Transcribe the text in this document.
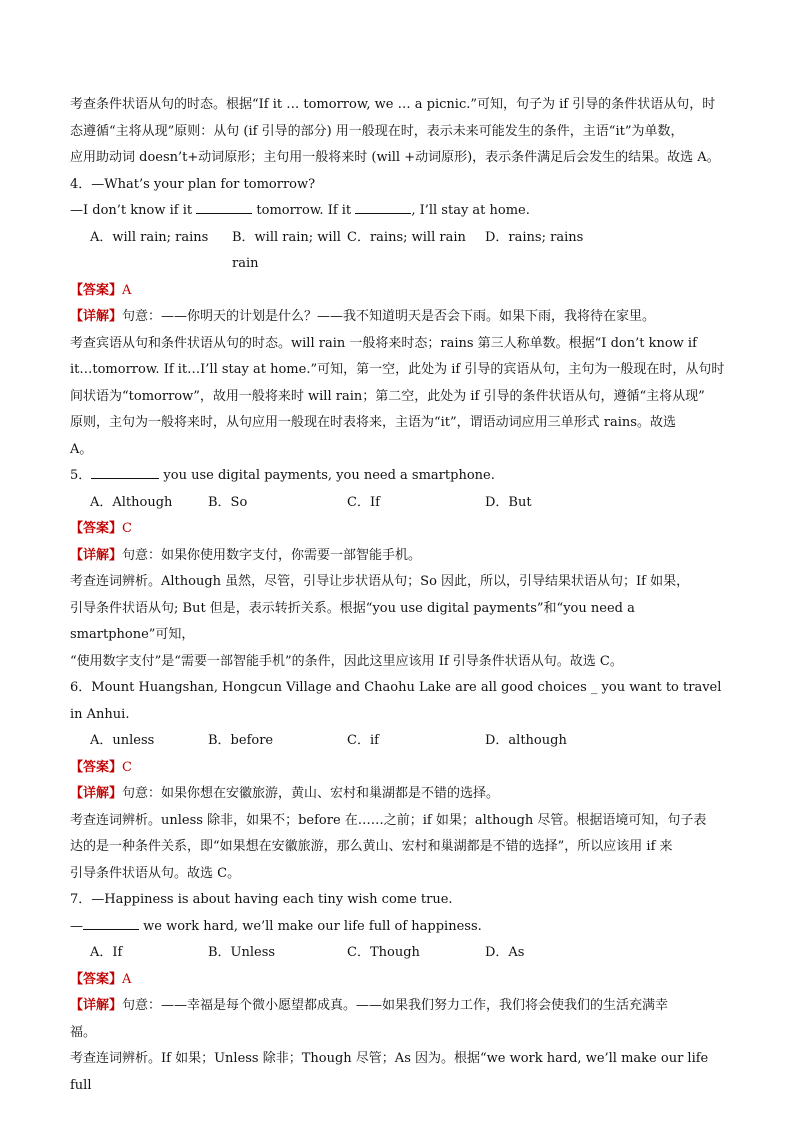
考查条件状语从句的时态。根据“If it … tomorrow, we … a picnic.”可知，句子为 if 引导的条件状语从句，时

态遵循“主将从现”原则：从句 (if 引导的部分) 用一般现在时，表示未来可能发生的条件，主语“it”为单数，

应用助动词 doesn’t+动词原形；主句用一般将来时 (will +动词原形)，表示条件满足后会发生的结果。故选 A。

4．—What’s your plan for tomorrow?

—I don’t know if it	tomorrow. If it	, I’ll stay at home.

A．will rain; rains	B．will rain; will rain
C．rains; will rain	D．rains; rains

【答案】A

【详解】句意：——你明天的计划是什么？——我不知道明天是否会下雨。如果下雨，我将待在家里。

考查宾语从句和条件状语从句的时态。will rain 一般将来时态；rains 第三人称单数。根据“I don’t know if

it…tomorrow. If it…I’ll stay at home.”可知，第一空，此处为 if 引导的宾语从句，主句为一般现在时，从句时

间状语为“tomorrow”，故用一般将来时 will rain；第二空，此处为 if 引导的条件状语从句，遵循“主将从现”

原则，主句为一般将来时，从句应用一般现在时表将来，主语为“it”，谓语动词应用三单形式 rains。故选

A。

5．	you use digital payments, you need a smartphone.

A．Although	B．So	C．If	D．But

【答案】C

【详解】句意：如果你使用数字支付，你需要一部智能手机。

考查连词辨析。Although 虽然，尽管，引导让步状语从句；So 因此，所以，引导结果状语从句；If 如果，

引导条件状语从句; But 但是，表示转折关系。根据“you use digital payments”和“you need a smartphone”可知，

“使用数字支付”是“需要一部智能手机”的条件，因此这里应该用 If 引导条件状语从句。故选 C。

6．Mount Huangshan, Hongcun Village and Chaohu Lake are all good choices _ you want to travel in Anhui.

A．unless	B．before	C．if	D．although

【答案】C

【详解】句意：如果你想在安徽旅游，黄山、宏村和巢湖都是不错的选择。

考查连词辨析。unless 除非，如果不；before 在……之前；if 如果；although 尽管。根据语境可知，句子表

达的是一种条件关系，即“如果想在安徽旅游，那么黄山、宏村和巢湖都是不错的选择”，所以应该用 if 来

引导条件状语从句。故选 C。

7．—Happiness is about having each tiny wish come true.

—	we work hard, we’ll make our life full of happiness.

A．If	B．Unless	C．Though	D．As

【答案】A

【详解】句意：——幸福是每个微小愿望都成真。——如果我们努力工作，我们将会使我们的生活充满幸

福。

考查连词辨析。If 如果；Unless 除非；Though 尽管；As 因为。根据“we work hard, we’ll make our life full
